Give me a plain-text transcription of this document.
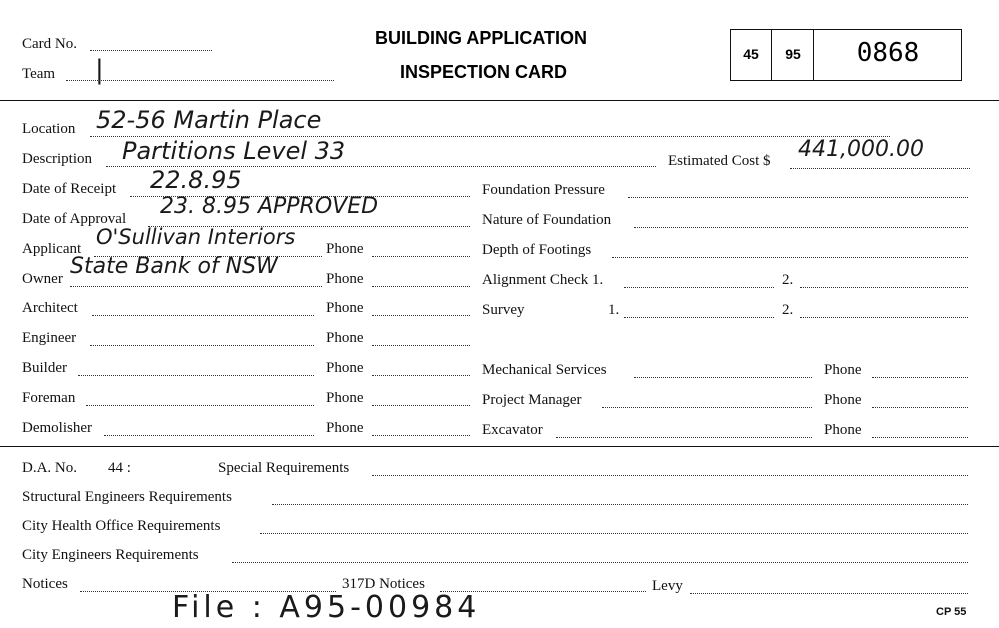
Card No.
Team |
BUILDING APPLICATION
INSPECTION CARD
45	95	0868
Location 52-56 Martin Place
Description Partitions Level 33	Estimated Cost $ 441,000.00
Date of Receipt 22.8.95
Date of Approval 23. 8.95 APPROVED
Applicant O'Sullivan Interiors Phone
Owner State Bank of NSW	Phone
Architect	Phone
Engineer	Phone
Builder	Phone
Foreman	Phone
Demolisher	Phone
Foundation Pressure
Nature of Foundation
Depth of Footings
Alignment Check 1.	2.
Survey	1.	2.
Mechanical Services	Phone
Project Manager	Phone
Excavator	Phone
D.A. No. 44 :	Special Requirements
Structural Engineers Requirements
City Health Office Requirements
City Engineers Requirements
Notices	317D Notices	Levy
File : A95-00984	CP 55
